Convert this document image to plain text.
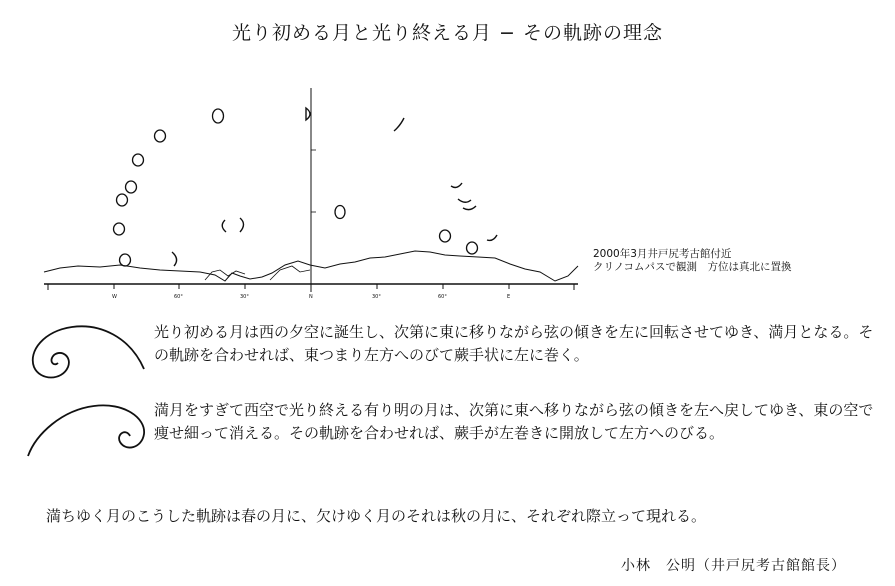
光り初める月と光り終える月 − その軌跡の理念
W	60°	30°	N	30°	60°	E
2000年3月井戸尻考古館付近
クリノコムパスで観測　方位は真北に置換

光り初める月は西の夕空に誕生し、次第に東に移りながら弦の傾きを左に回転させてゆき、満月となる。その軌跡を合わせれば、東つまり左方へのびて蕨手状に左に巻く。

満月をすぎて西空で光り終える有り明の月は、次第に東へ移りながら弦の傾きを左へ戻してゆき、東の空で痩せ細って消える。その軌跡を合わせれば、蕨手が左巻きに開放して左方へのびる。

満ちゆく月のこうした軌跡は春の月に、欠けゆく月のそれは秋の月に、それぞれ際立って現れる。
小林　公明（井戸尻考古館館長）
